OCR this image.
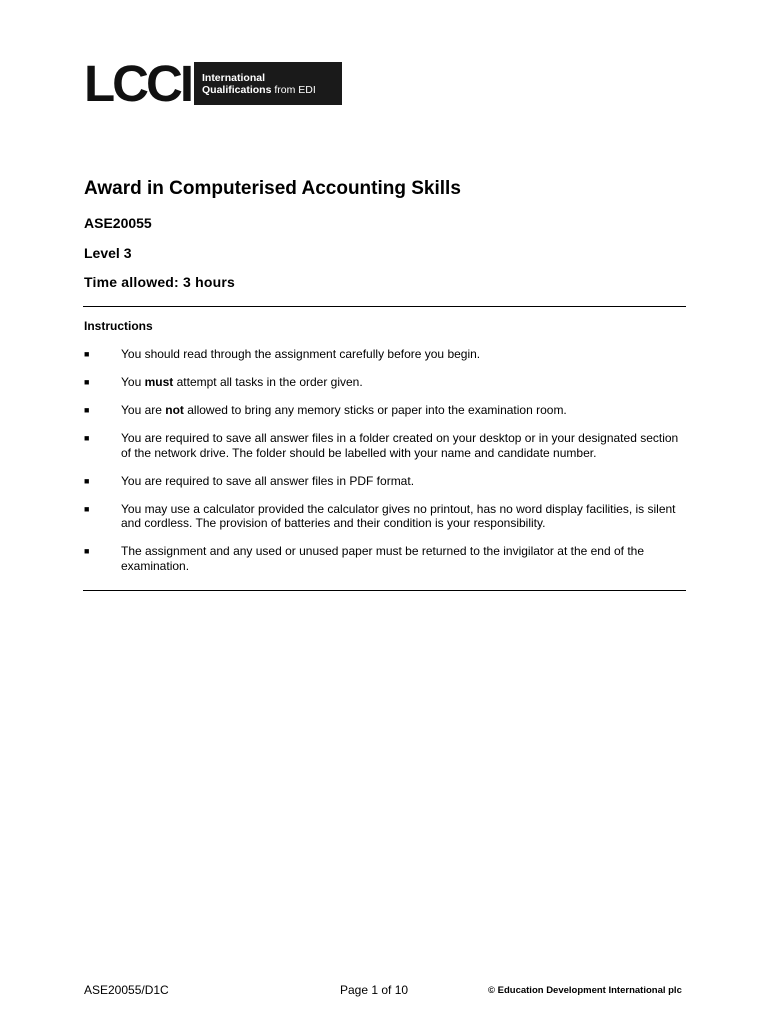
LCCI International
Qualifications from EDI
Award in Computerised Accounting Skills

ASE20055

Level 3

Time allowed: 3 hours

Instructions

■	You should read through the assignment carefully before you begin.
■	You must attempt all tasks in the order given.
■	You are not allowed to bring any memory sticks or paper into the examination room.
■	You are required to save all answer files in a folder created on your desktop or in your designated section of the network drive. The folder should be labelled with your name and candidate number.
■	You are required to save all answer files in PDF format.
■	You may use a calculator provided the calculator gives no printout, has no word display facilities, is silent and cordless. The provision of batteries and their condition is your responsibility.
■	The assignment and any used or unused paper must be returned to the invigilator at the end of the examination.

ASE20055/D1C	Page 1 of 10	© Education Development International plc
